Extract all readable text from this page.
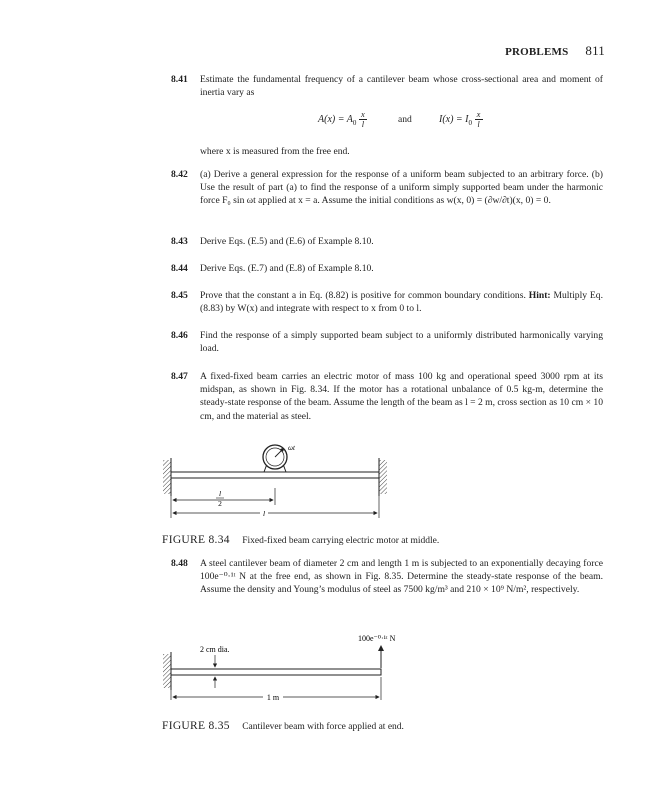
PROBLEMS 811
8.41 Estimate the fundamental frequency of a cantilever beam whose cross-sectional area and moment of inertia vary as
$A(x) = A_0 \frac{x}{l}$	and	$I(x) = I_0 \frac{x}{l}$
where x is measured from the free end.
8.42 (a) Derive a general expression for the response of a uniform beam subjected to an arbitrary force. (b) Use the result of part (a) to find the response of a uniform simply supported beam under the harmonic force F₀ sin ωt applied at x = a. Assume the initial conditions as w(x, 0) = (∂w/∂t)(x, 0) = 0.
8.43 Derive Eqs. (E.5) and (E.6) of Example 8.10.
8.44 Derive Eqs. (E.7) and (E.8) of Example 8.10.
8.45 Prove that the constant a in Eq. (8.82) is positive for common boundary conditions. Hint: Multiply Eq. (8.83) by W(x) and integrate with respect to x from 0 to l.
8.46 Find the response of a simply supported beam subject to a uniformly distributed harmonically varying load.
8.47 A fixed-fixed beam carries an electric motor of mass 100 kg and operational speed 3000 rpm at its midspan, as shown in Fig. 8.34. If the motor has a rotational unbalance of 0.5 kg-m, determine the steady-state response of the beam. Assume the length of the beam as l = 2 m, cross section as 10 cm × 10 cm, and the material as steel.
ωt
l
2
l
FIGURE 8.34 Fixed-fixed beam carrying electric motor at middle.
8.48 A steel cantilever beam of diameter 2 cm and length 1 m is subjected to an exponentially decaying force 100e⁻⁰·¹ᵗ N at the free end, as shown in Fig. 8.35. Determine the steady-state response of the beam. Assume the density and Young’s modulus of steel as 7500 kg/m³ and 210 × 10⁹ N/m², respectively.
2 cm dia.
100e⁻⁰·¹ᵗ N
1 m
FIGURE 8.35 Cantilever beam with force applied at end.
